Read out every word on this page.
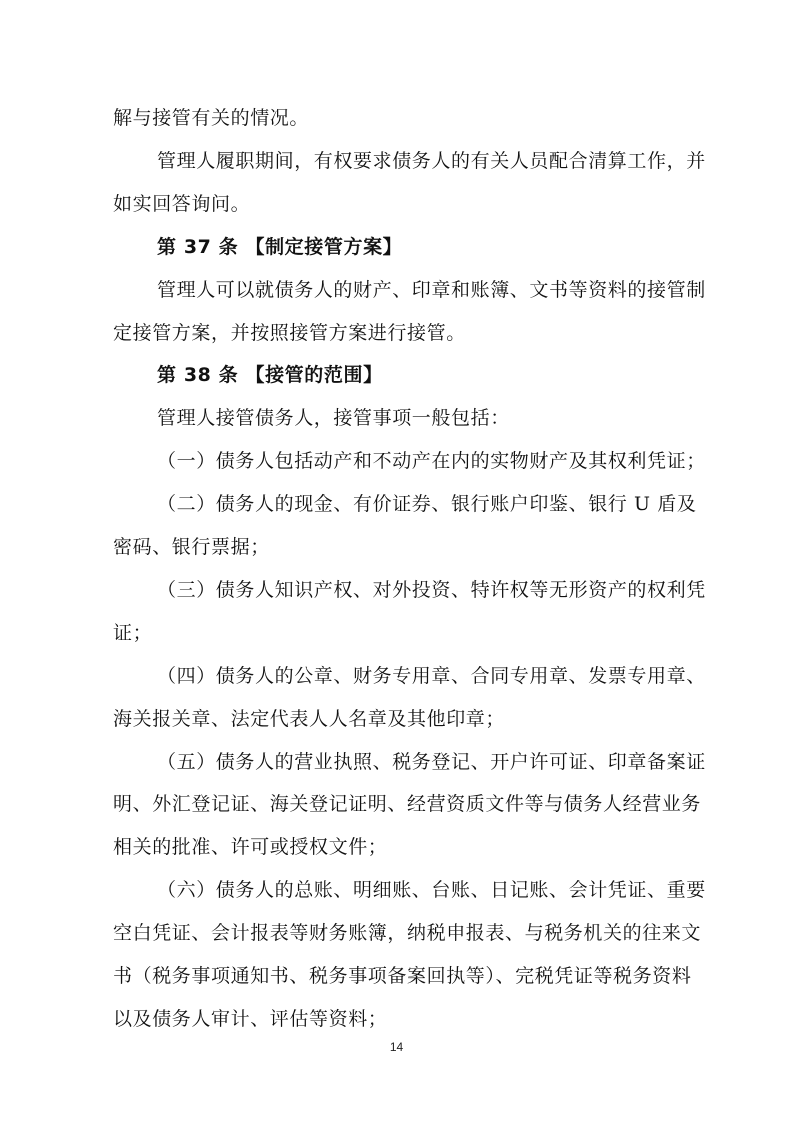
解与接管有关的情况。
管理人履职期间，有权要求债务人的有关人员配合清算工作，并
如实回答询问。
第 37 条 【制定接管方案】
管理人可以就债务人的财产、印章和账簿、文书等资料的接管制
定接管方案，并按照接管方案进行接管。
第 38 条 【接管的范围】
管理人接管债务人，接管事项一般包括：
（一）债务人包括动产和不动产在内的实物财产及其权利凭证；
（二）债务人的现金、有价证券、银行账户印鉴、银行 U 盾及
密码、银行票据；
（三）债务人知识产权、对外投资、特许权等无形资产的权利凭
证；
（四）债务人的公章、财务专用章、合同专用章、发票专用章、
海关报关章、法定代表人人名章及其他印章；
（五）债务人的营业执照、税务登记、开户许可证、印章备案证
明、外汇登记证、海关登记证明、经营资质文件等与债务人经营业务
相关的批准、许可或授权文件；
（六）债务人的总账、明细账、台账、日记账、会计凭证、重要
空白凭证、会计报表等财务账簿，纳税申报表、与税务机关的往来文
书（税务事项通知书、税务事项备案回执等）、完税凭证等税务资料
以及债务人审计、评估等资料；
14
